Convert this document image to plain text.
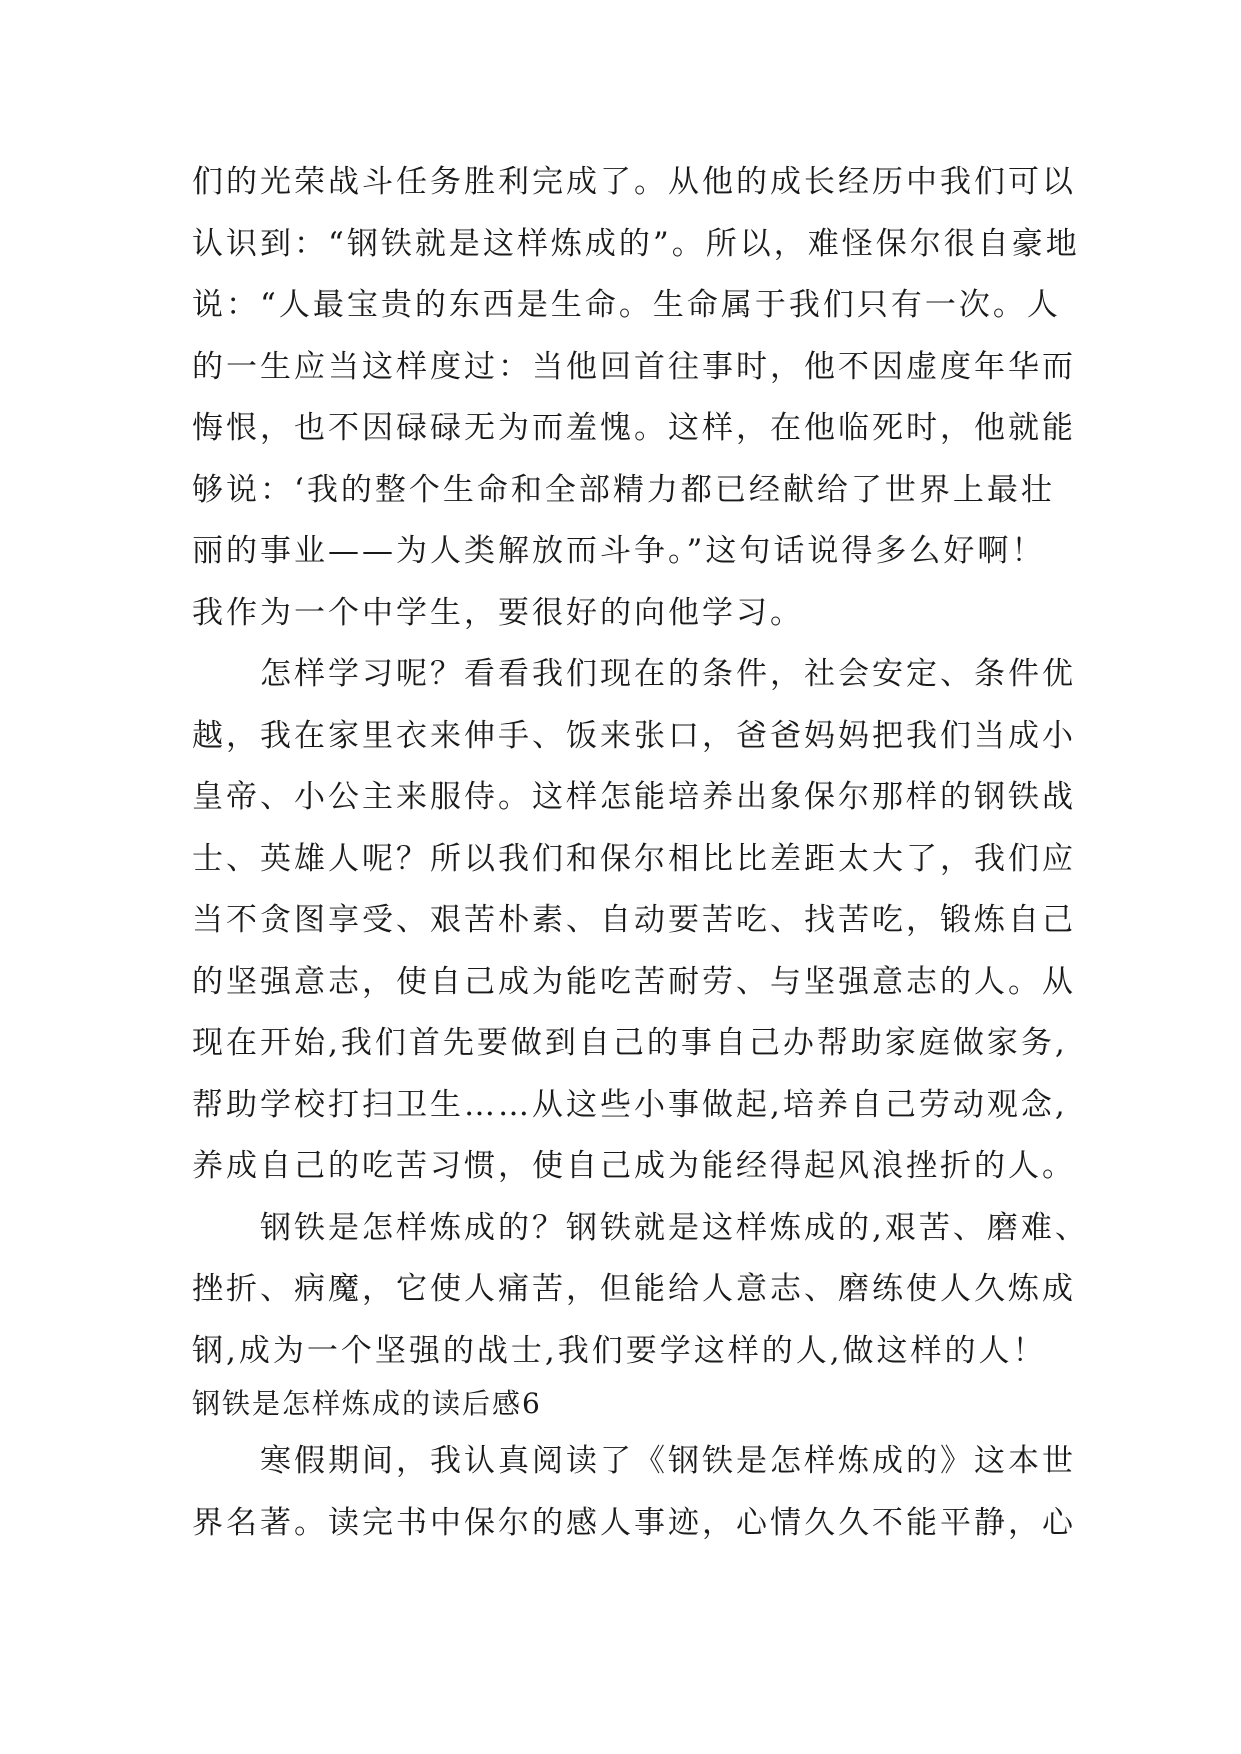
们的光荣战斗任务胜利完成了。从他的成长经历中我们可以
认识到：“钢铁就是这样炼成的”。所以，难怪保尔很自豪地
说：“人最宝贵的东西是生命。生命属于我们只有一次。人
的一生应当这样度过：当他回首往事时，他不因虚度年华而
悔恨，也不因碌碌无为而羞愧。这样，在他临死时，他就能
够说：‘我的整个生命和全部精力都已经献给了世界上最壮
丽的事业——为人类解放而斗争。”这句话说得多么好啊！
我作为一个中学生，要很好的向他学习。
　　怎样学习呢？看看我们现在的条件，社会安定、条件优
越，我在家里衣来伸手、饭来张口，爸爸妈妈把我们当成小
皇帝、小公主来服侍。这样怎能培养出象保尔那样的钢铁战
士、英雄人呢？所以我们和保尔相比比差距太大了，我们应
当不贪图享受、艰苦朴素、自动要苦吃、找苦吃，锻炼自己
的坚强意志，使自己成为能吃苦耐劳、与坚强意志的人。从
现在开始,我们首先要做到自己的事自己办帮助家庭做家务,
帮助学校打扫卫生……从这些小事做起,培养自己劳动观念,
养成自己的吃苦习惯，使自己成为能经得起风浪挫折的人。
　　钢铁是怎样炼成的？钢铁就是这样炼成的,艰苦、磨难、
挫折、病魔，它使人痛苦，但能给人意志、磨练使人久炼成
钢,成为一个坚强的战士,我们要学这样的人,做这样的人！
钢铁是怎样炼成的读后感6
　　寒假期间，我认真阅读了《钢铁是怎样炼成的》这本世
界名著。读完书中保尔的感人事迹，心情久久不能平静，心
